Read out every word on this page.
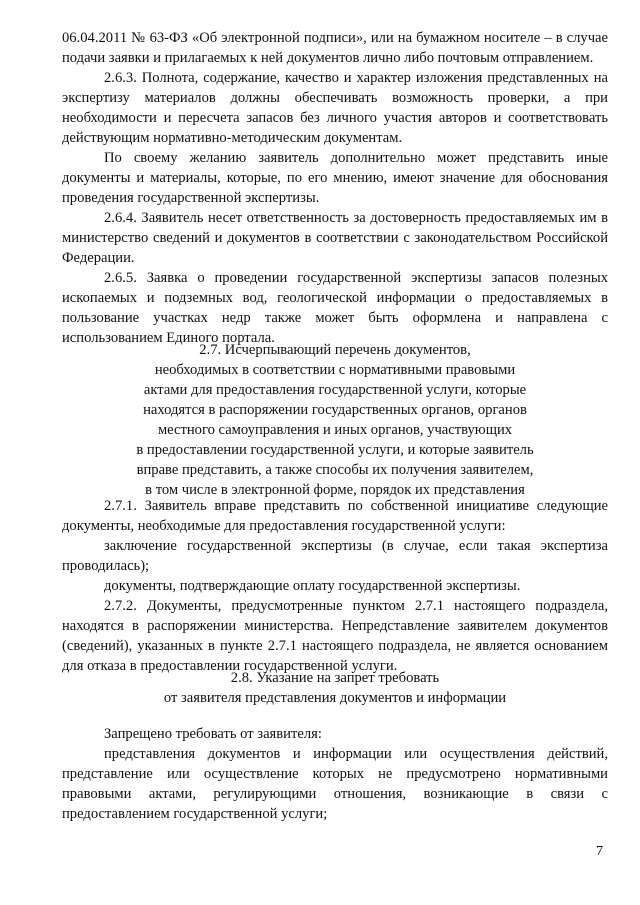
06.04.2011 № 63-ФЗ «Об электронной подписи», или на бумажном носителе – в случае подачи заявки и прилагаемых к ней документов лично либо почтовым отправлением.

2.6.3. Полнота, содержание, качество и характер изложения представленных на экспертизу материалов должны обеспечивать возможность проверки, а при необходимости и пересчета запасов без личного участия авторов и соответствовать действующим нормативно-методическим документам.

По своему желанию заявитель дополнительно может представить иные документы и материалы, которые, по его мнению, имеют значение для обоснования проведения государственной экспертизы.

2.6.4. Заявитель несет ответственность за достоверность предоставляемых им в министерство сведений и документов в соответствии с законодательством Российской Федерации.

2.6.5. Заявка о проведении государственной экспертизы запасов полезных ископаемых и подземных вод, геологической информации о предоставляемых в пользование участках недр также может быть оформлена и направлена с использованием Единого портала.

2.7. Исчерпывающий перечень документов,

необходимых в соответствии с нормативными правовыми

актами для предоставления государственной услуги, которые

находятся в распоряжении государственных органов, органов

местного самоуправления и иных органов, участвующих

в предоставлении государственной услуги, и которые заявитель

вправе представить, а также способы их получения заявителем,

в том числе в электронной форме, порядок их представления

2.7.1. Заявитель вправе представить по собственной инициативе следующие документы, необходимые для предоставления государственной услуги:

заключение государственной экспертизы (в случае, если такая экспертиза проводилась);

документы, подтверждающие оплату государственной экспертизы.

2.7.2. Документы, предусмотренные пунктом 2.7.1 настоящего подраздела, находятся в распоряжении министерства. Непредставление заявителем документов (сведений), указанных в пункте 2.7.1 настоящего подраздела, не является основанием для отказа в предоставлении государственной услуги.

2.8. Указание на запрет требовать

от заявителя представления документов и информации

Запрещено требовать от заявителя:

представления документов и информации или осуществления действий, представление или осуществление которых не предусмотрено нормативными правовыми актами, регулирующими отношения, возникающие в связи с предоставлением государственной услуги;

7
